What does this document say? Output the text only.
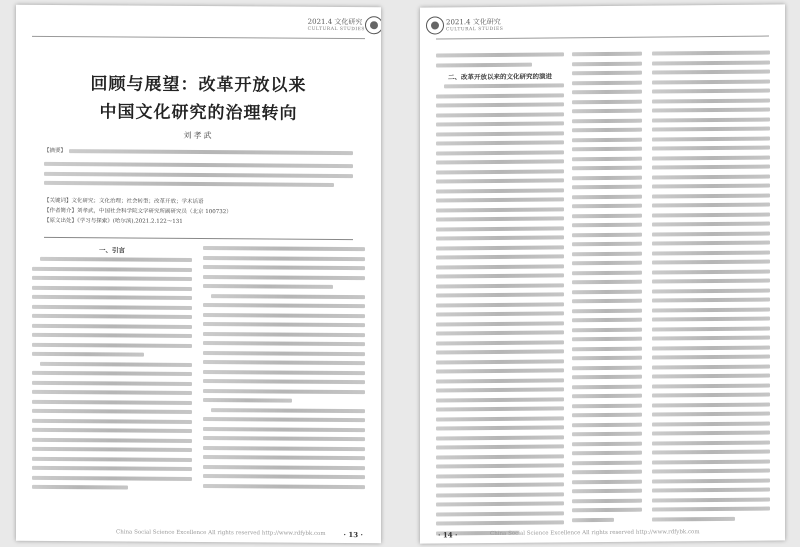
2021.4 文化研究
CULTURAL STUDIES
回顾与展望：改革开放以来
中国文化研究的治理转向
刘孝武
【摘要】
【关键词】文化研究；文化治理；社会转型；改革开放；学术话语
【作者简介】刘孝武，中国社会科学院文学研究所副研究员（北京 100732）
【原文出处】《学习与探索》(哈尔滨),2021.2.122～131
一、引言
China Social Science Excellence All rights reserved http://www.rdfybk.com	· 13 ·
2021.4 文化研究
CULTURAL STUDIES
二、改革开放以来的文化研究的演进
China Social Science Excellence All rights reserved http://www.rdfybk.com
· 14 ·
